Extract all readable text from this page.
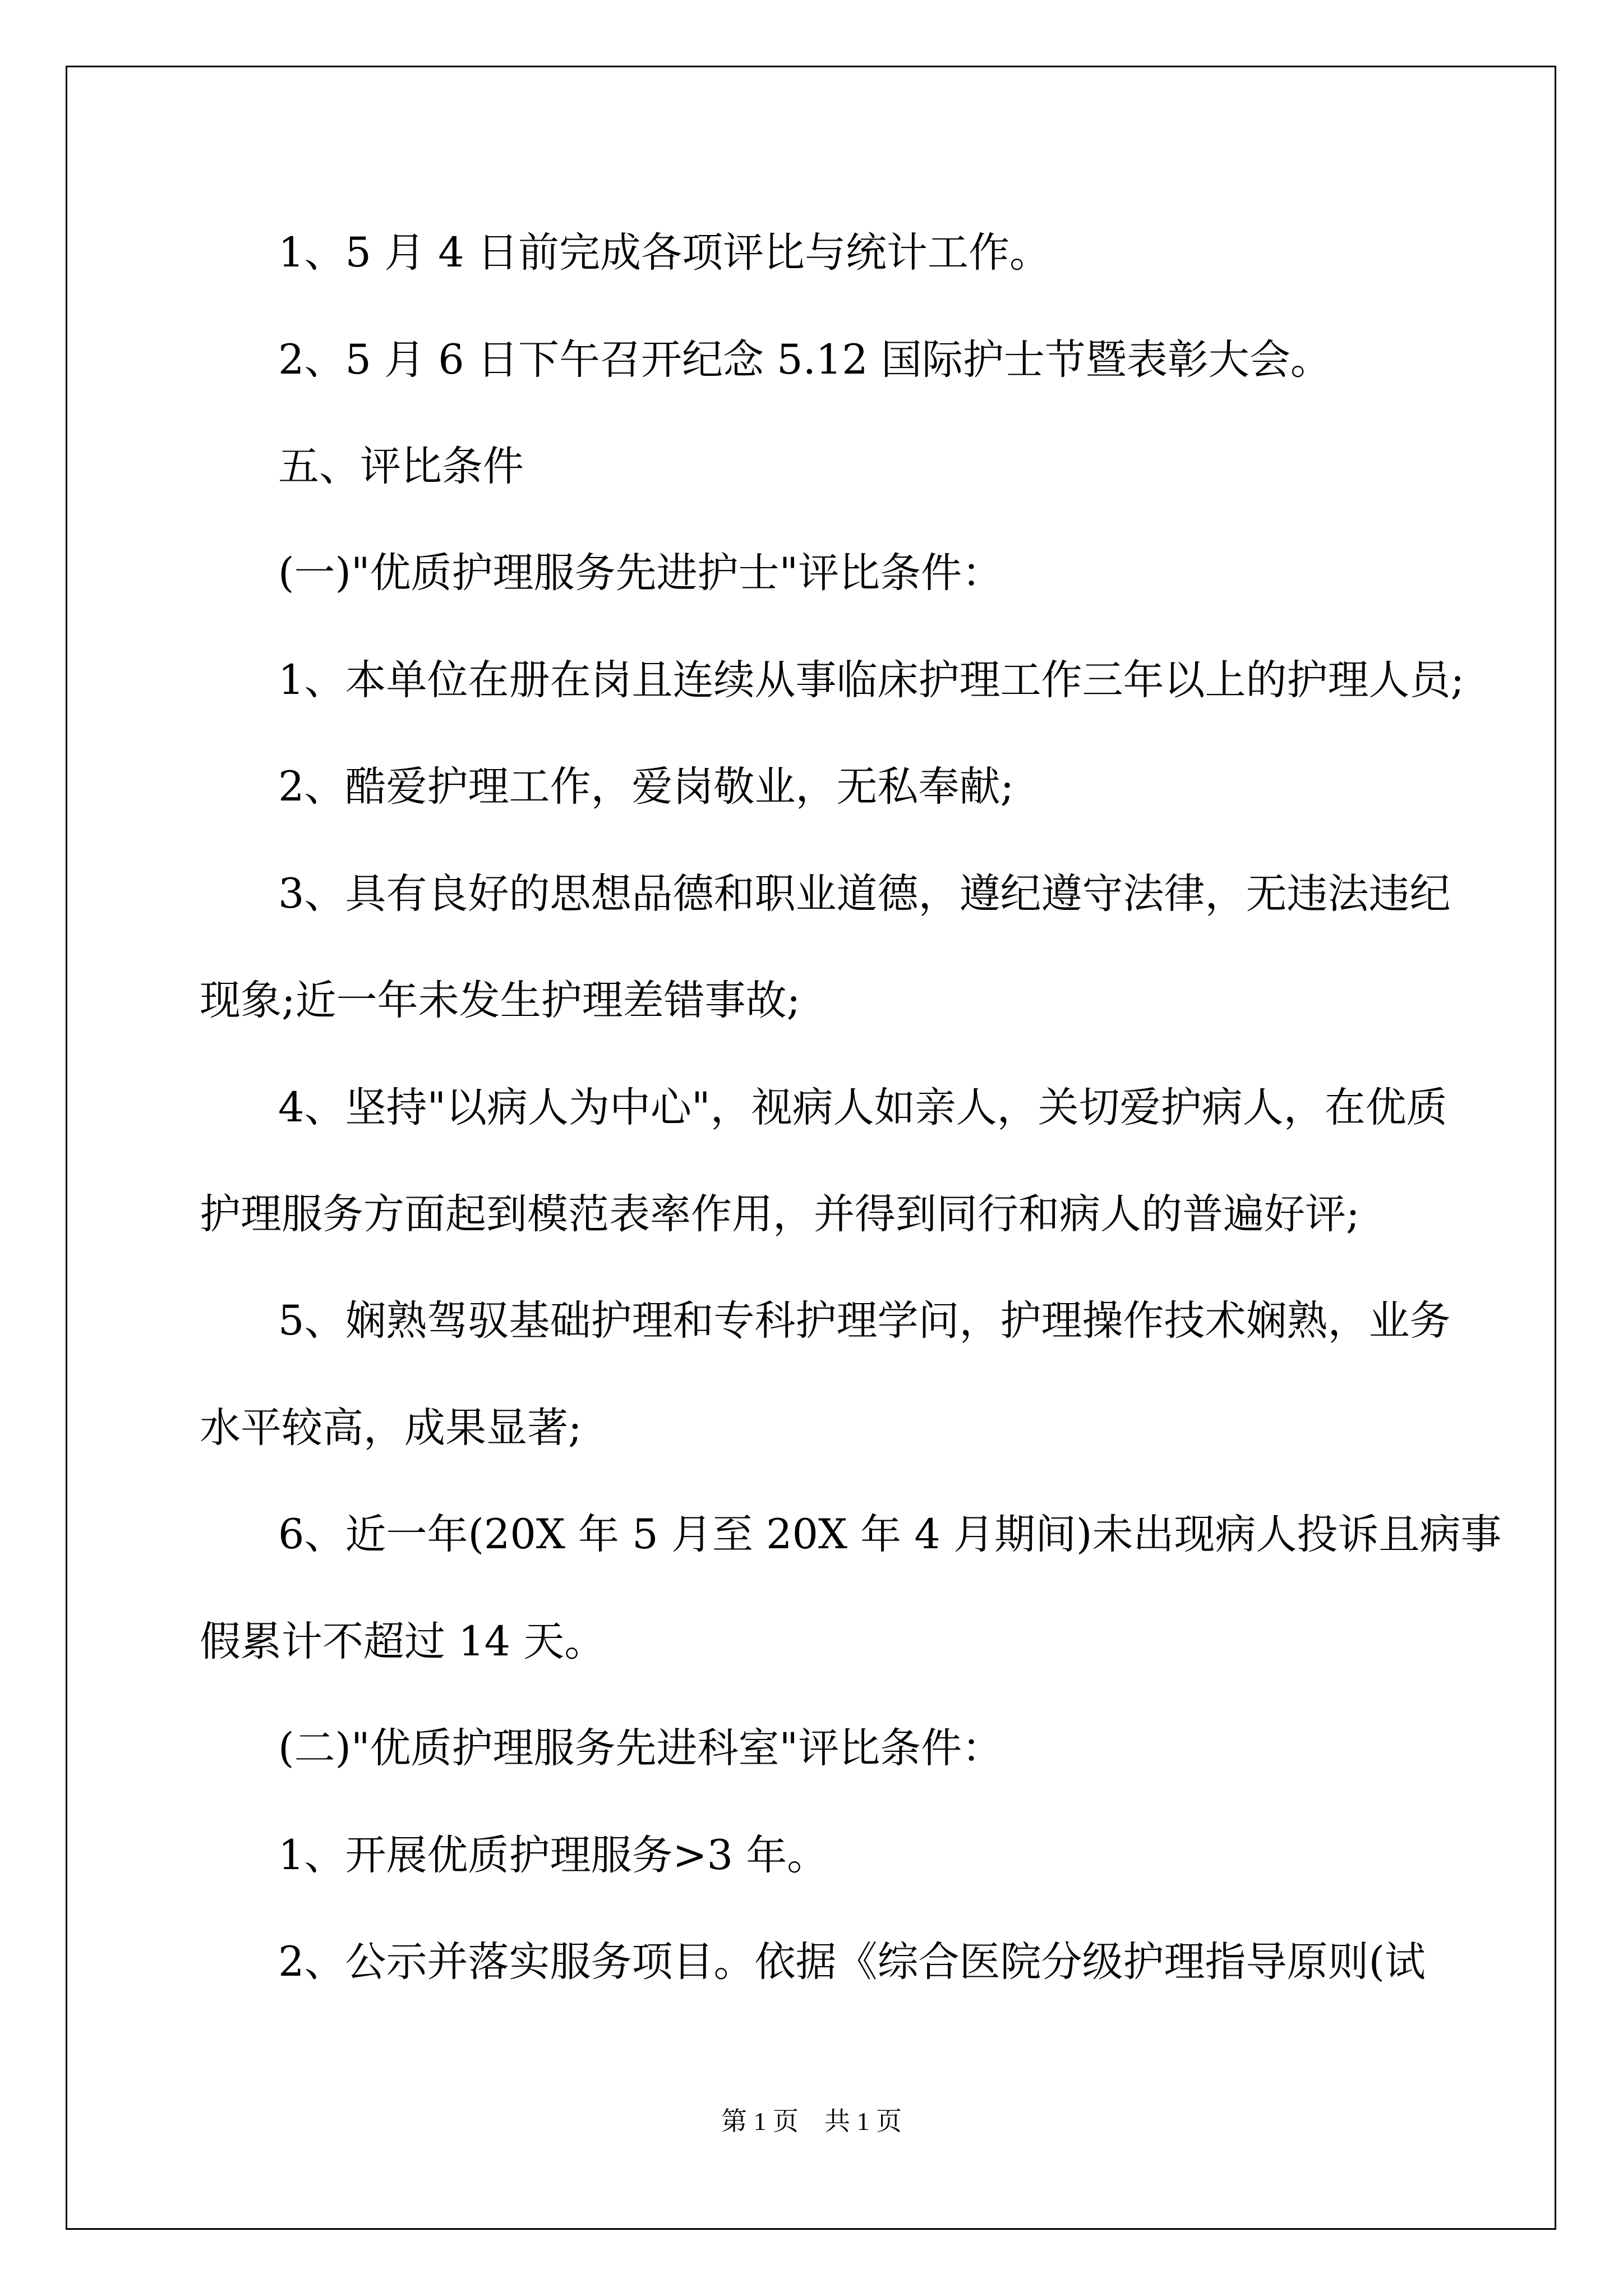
1、5 月 4 日前完成各项评比与统计工作。
2、5 月 6 日下午召开纪念 5.12 国际护士节暨表彰大会。
五、评比条件
(一)"优质护理服务先进护士"评比条件：
1、本单位在册在岗且连续从事临床护理工作三年以上的护理人员;
2、酷爱护理工作，爱岗敬业，无私奉献;
3、具有良好的思想品德和职业道德，遵纪遵守法律，无违法违纪
现象;近一年未发生护理差错事故;
4、坚持"以病人为中心"，视病人如亲人，关切爱护病人，在优质
护理服务方面起到模范表率作用，并得到同行和病人的普遍好评;
5、娴熟驾驭基础护理和专科护理学问，护理操作技术娴熟，业务
水平较高，成果显著;
6、近一年(20X 年 5 月至 20X 年 4 月期间)未出现病人投诉且病事
假累计不超过 14 天。
(二)"优质护理服务先进科室"评比条件：
1、开展优质护理服务>3 年。
2、公示并落实服务项目。依据《综合医院分级护理指导原则(试
第 1 页　共 1 页
